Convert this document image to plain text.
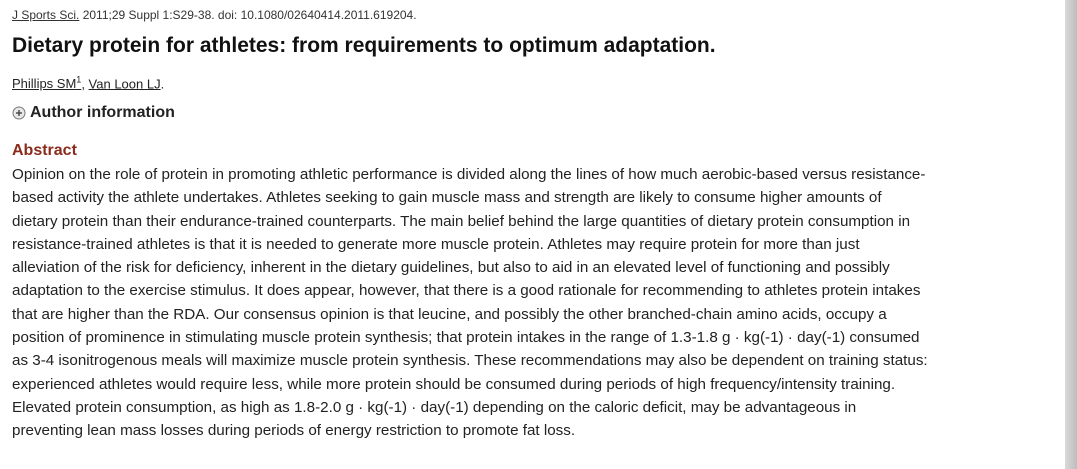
J Sports Sci. 2011;29 Suppl 1:S29-38. doi: 10.1080/02640414.2011.619204.
Dietary protein for athletes: from requirements to optimum adaptation.
Phillips SM$^1$, Van Loon LJ.
Author information
Abstract
Opinion on the role of protein in promoting athletic performance is divided along the lines of how much aerobic-based versus resistance-
based activity the athlete undertakes. Athletes seeking to gain muscle mass and strength are likely to consume higher amounts of
dietary protein than their endurance-trained counterparts. The main belief behind the large quantities of dietary protein consumption in
resistance-trained athletes is that it is needed to generate more muscle protein. Athletes may require protein for more than just
alleviation of the risk for deficiency, inherent in the dietary guidelines, but also to aid in an elevated level of functioning and possibly
adaptation to the exercise stimulus. It does appear, however, that there is a good rationale for recommending to athletes protein intakes
that are higher than the RDA. Our consensus opinion is that leucine, and possibly the other branched-chain amino acids, occupy a
position of prominence in stimulating muscle protein synthesis; that protein intakes in the range of 1.3-1.8 g · kg(-1) · day(-1) consumed
as 3-4 isonitrogenous meals will maximize muscle protein synthesis. These recommendations may also be dependent on training status:
experienced athletes would require less, while more protein should be consumed during periods of high frequency/intensity training.
Elevated protein consumption, as high as 1.8-2.0 g · kg(-1) · day(-1) depending on the caloric deficit, may be advantageous in
preventing lean mass losses during periods of energy restriction to promote fat loss.
